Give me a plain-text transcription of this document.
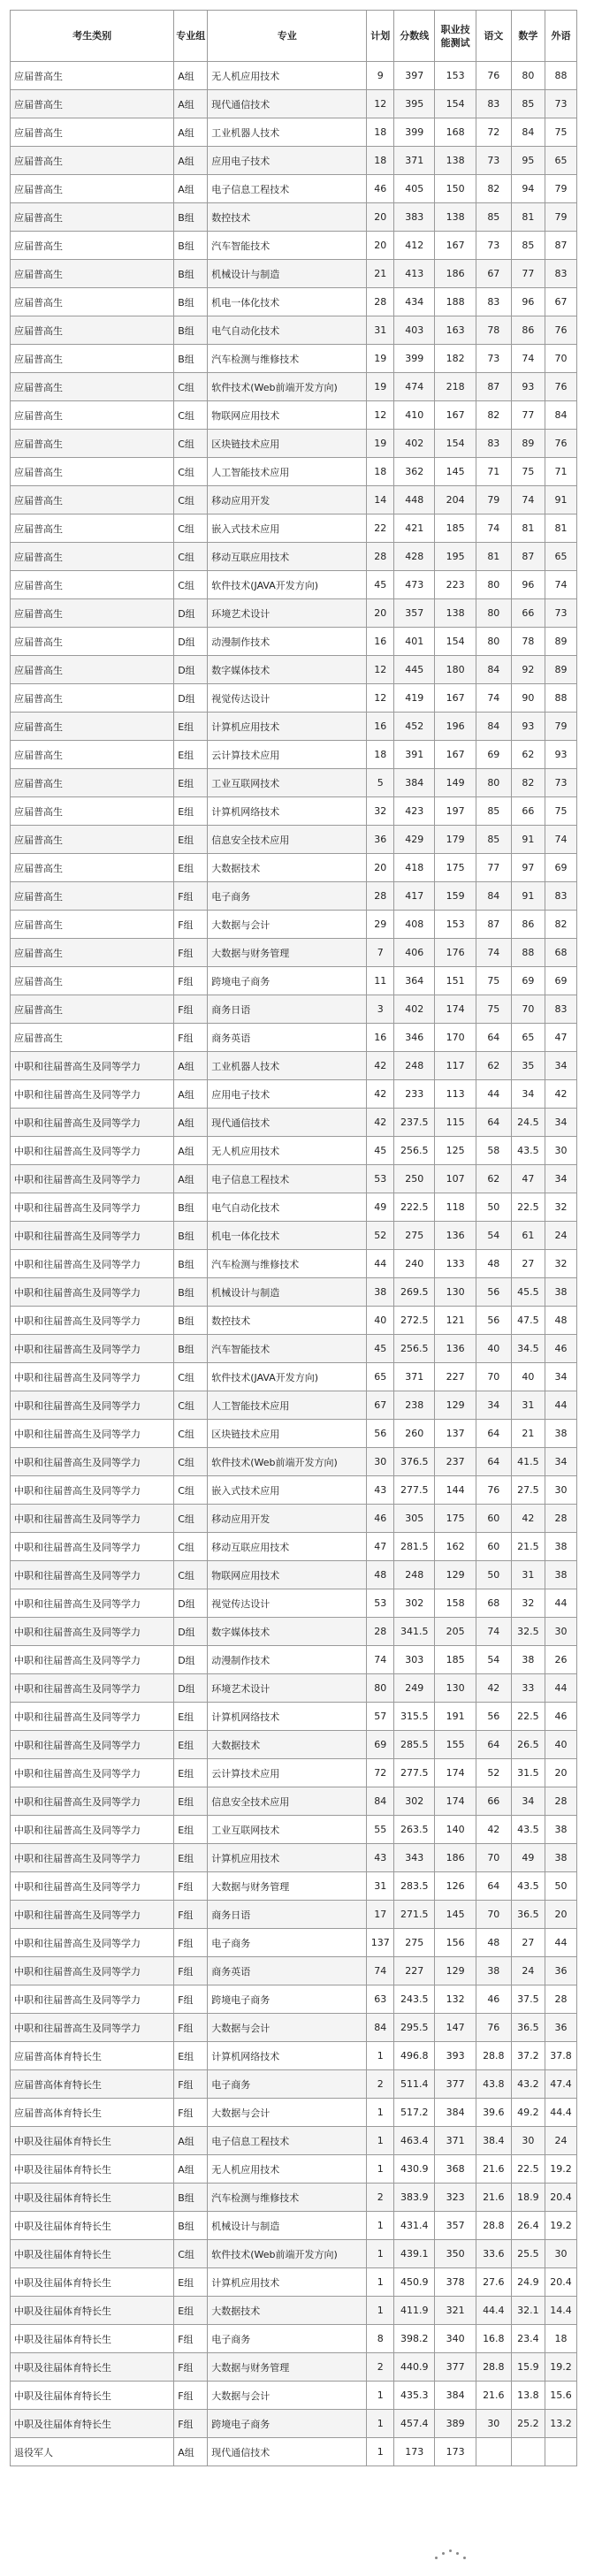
考生类别	专业组	专业	计划	分数线	职业技能测试	语文	数学	外语
应届普高生	A组	无人机应用技术	9	397	153	76	80	88
应届普高生	A组	现代通信技术	12	395	154	83	85	73
应届普高生	A组	工业机器人技术	18	399	168	72	84	75
应届普高生	A组	应用电子技术	18	371	138	73	95	65
应届普高生	A组	电子信息工程技术	46	405	150	82	94	79
应届普高生	B组	数控技术	20	383	138	85	81	79
应届普高生	B组	汽车智能技术	20	412	167	73	85	87
应届普高生	B组	机械设计与制造	21	413	186	67	77	83
应届普高生	B组	机电一体化技术	28	434	188	83	96	67
应届普高生	B组	电气自动化技术	31	403	163	78	86	76
应届普高生	B组	汽车检测与维修技术	19	399	182	73	74	70
应届普高生	C组	软件技术(Web前端开发方向)	19	474	218	87	93	76
应届普高生	C组	物联网应用技术	12	410	167	82	77	84
应届普高生	C组	区块链技术应用	19	402	154	83	89	76
应届普高生	C组	人工智能技术应用	18	362	145	71	75	71
应届普高生	C组	移动应用开发	14	448	204	79	74	91
应届普高生	C组	嵌入式技术应用	22	421	185	74	81	81
应届普高生	C组	移动互联应用技术	28	428	195	81	87	65
应届普高生	C组	软件技术(JAVA开发方向)	45	473	223	80	96	74
应届普高生	D组	环境艺术设计	20	357	138	80	66	73
应届普高生	D组	动漫制作技术	16	401	154	80	78	89
应届普高生	D组	数字媒体技术	12	445	180	84	92	89
应届普高生	D组	视觉传达设计	12	419	167	74	90	88
应届普高生	E组	计算机应用技术	16	452	196	84	93	79
应届普高生	E组	云计算技术应用	18	391	167	69	62	93
应届普高生	E组	工业互联网技术	5	384	149	80	82	73
应届普高生	E组	计算机网络技术	32	423	197	85	66	75
应届普高生	E组	信息安全技术应用	36	429	179	85	91	74
应届普高生	E组	大数据技术	20	418	175	77	97	69
应届普高生	F组	电子商务	28	417	159	84	91	83
应届普高生	F组	大数据与会计	29	408	153	87	86	82
应届普高生	F组	大数据与财务管理	7	406	176	74	88	68
应届普高生	F组	跨境电子商务	11	364	151	75	69	69
应届普高生	F组	商务日语	3	402	174	75	70	83
应届普高生	F组	商务英语	16	346	170	64	65	47
中职和往届普高生及同等学力	A组	工业机器人技术	42	248	117	62	35	34
中职和往届普高生及同等学力	A组	应用电子技术	42	233	113	44	34	42
中职和往届普高生及同等学力	A组	现代通信技术	42	237.5	115	64	24.5	34
中职和往届普高生及同等学力	A组	无人机应用技术	45	256.5	125	58	43.5	30
中职和往届普高生及同等学力	A组	电子信息工程技术	53	250	107	62	47	34
中职和往届普高生及同等学力	B组	电气自动化技术	49	222.5	118	50	22.5	32
中职和往届普高生及同等学力	B组	机电一体化技术	52	275	136	54	61	24
中职和往届普高生及同等学力	B组	汽车检测与维修技术	44	240	133	48	27	32
中职和往届普高生及同等学力	B组	机械设计与制造	38	269.5	130	56	45.5	38
中职和往届普高生及同等学力	B组	数控技术	40	272.5	121	56	47.5	48
中职和往届普高生及同等学力	B组	汽车智能技术	45	256.5	136	40	34.5	46
中职和往届普高生及同等学力	C组	软件技术(JAVA开发方向)	65	371	227	70	40	34
中职和往届普高生及同等学力	C组	人工智能技术应用	67	238	129	34	31	44
中职和往届普高生及同等学力	C组	区块链技术应用	56	260	137	64	21	38
中职和往届普高生及同等学力	C组	软件技术(Web前端开发方向)	30	376.5	237	64	41.5	34
中职和往届普高生及同等学力	C组	嵌入式技术应用	43	277.5	144	76	27.5	30
中职和往届普高生及同等学力	C组	移动应用开发	46	305	175	60	42	28
中职和往届普高生及同等学力	C组	移动互联应用技术	47	281.5	162	60	21.5	38
中职和往届普高生及同等学力	C组	物联网应用技术	48	248	129	50	31	38
中职和往届普高生及同等学力	D组	视觉传达设计	53	302	158	68	32	44
中职和往届普高生及同等学力	D组	数字媒体技术	28	341.5	205	74	32.5	30
中职和往届普高生及同等学力	D组	动漫制作技术	74	303	185	54	38	26
中职和往届普高生及同等学力	D组	环境艺术设计	80	249	130	42	33	44
中职和往届普高生及同等学力	E组	计算机网络技术	57	315.5	191	56	22.5	46
中职和往届普高生及同等学力	E组	大数据技术	69	285.5	155	64	26.5	40
中职和往届普高生及同等学力	E组	云计算技术应用	72	277.5	174	52	31.5	20
中职和往届普高生及同等学力	E组	信息安全技术应用	84	302	174	66	34	28
中职和往届普高生及同等学力	E组	工业互联网技术	55	263.5	140	42	43.5	38
中职和往届普高生及同等学力	E组	计算机应用技术	43	343	186	70	49	38
中职和往届普高生及同等学力	F组	大数据与财务管理	31	283.5	126	64	43.5	50
中职和往届普高生及同等学力	F组	商务日语	17	271.5	145	70	36.5	20
中职和往届普高生及同等学力	F组	电子商务	137	275	156	48	27	44
中职和往届普高生及同等学力	F组	商务英语	74	227	129	38	24	36
中职和往届普高生及同等学力	F组	跨境电子商务	63	243.5	132	46	37.5	28
中职和往届普高生及同等学力	F组	大数据与会计	84	295.5	147	76	36.5	36
应届普高体育特长生	E组	计算机网络技术	1	496.8	393	28.8	37.2	37.8
应届普高体育特长生	F组	电子商务	2	511.4	377	43.8	43.2	47.4
应届普高体育特长生	F组	大数据与会计	1	517.2	384	39.6	49.2	44.4
中职及往届体育特长生	A组	电子信息工程技术	1	463.4	371	38.4	30	24
中职及往届体育特长生	A组	无人机应用技术	1	430.9	368	21.6	22.5	19.2
中职及往届体育特长生	B组	汽车检测与维修技术	2	383.9	323	21.6	18.9	20.4
中职及往届体育特长生	B组	机械设计与制造	1	431.4	357	28.8	26.4	19.2
中职及往届体育特长生	C组	软件技术(Web前端开发方向)	1	439.1	350	33.6	25.5	30
中职及往届体育特长生	E组	计算机应用技术	1	450.9	378	27.6	24.9	20.4
中职及往届体育特长生	E组	大数据技术	1	411.9	321	44.4	32.1	14.4
中职及往届体育特长生	F组	电子商务	8	398.2	340	16.8	23.4	18
中职及往届体育特长生	F组	大数据与财务管理	2	440.9	377	28.8	15.9	19.2
中职及往届体育特长生	F组	大数据与会计	1	435.3	384	21.6	13.8	15.6
中职及往届体育特长生	F组	跨境电子商务	1	457.4	389	30	25.2	13.2
退役军人	A组	现代通信技术	1	173	173			
